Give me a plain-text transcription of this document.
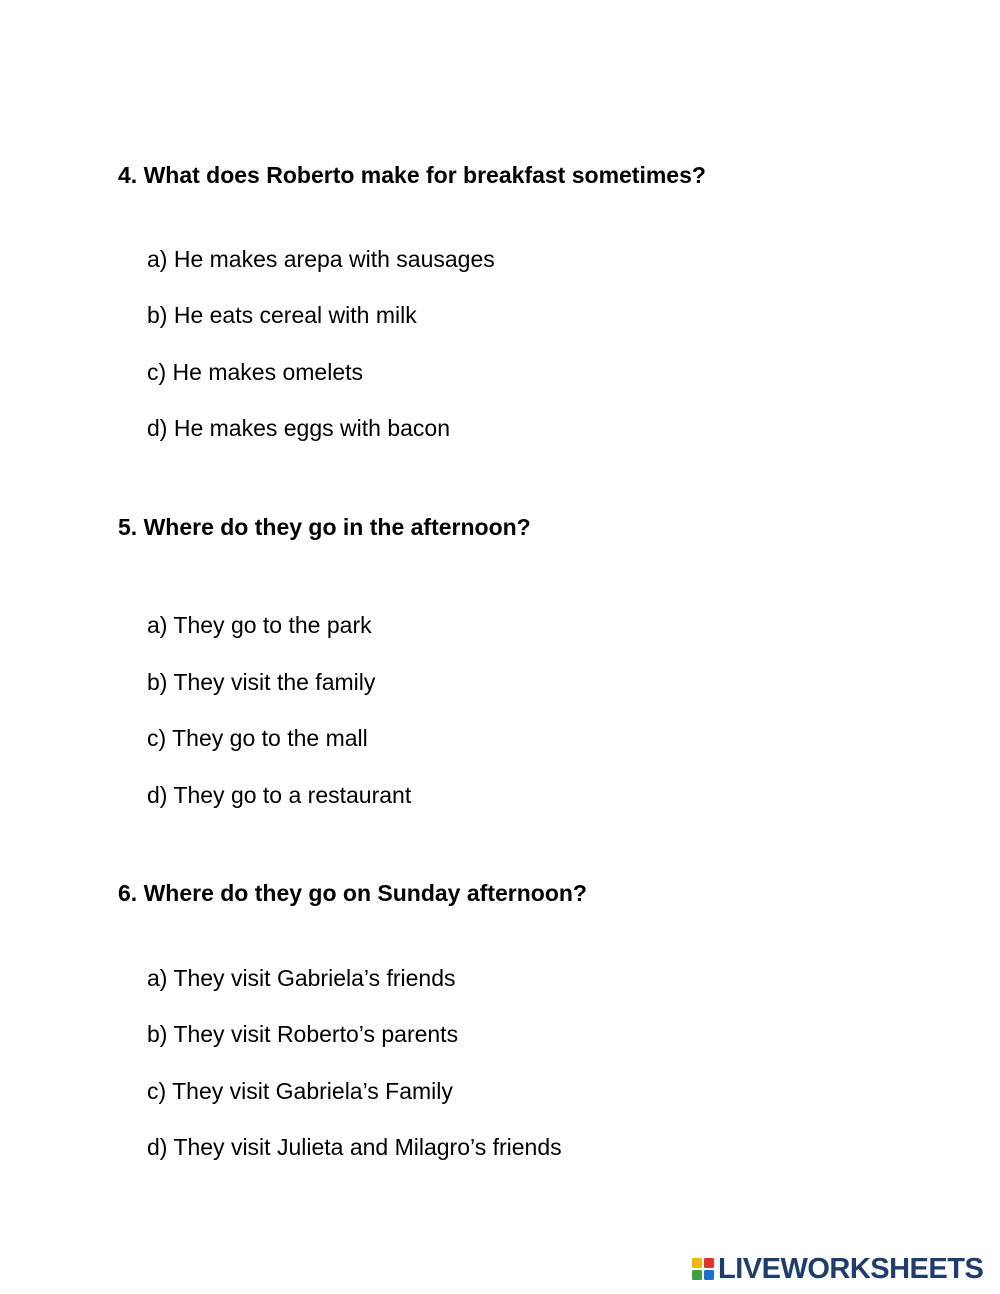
4. What does Roberto make for breakfast sometimes?
a) He makes arepa with sausages
b) He eats cereal with milk
c) He makes omelets
d) He makes eggs with bacon
5. Where do they go in the afternoon?
a) They go to the park
b) They visit the family
c) They go to the mall
d) They go to a restaurant
6. Where do they go on Sunday afternoon?
a) They visit Gabriela’s friends
b) They visit Roberto’s parents
c) They visit Gabriela’s Family
d) They visit Julieta and Milagro’s friends
LIVEWORKSHEETS
